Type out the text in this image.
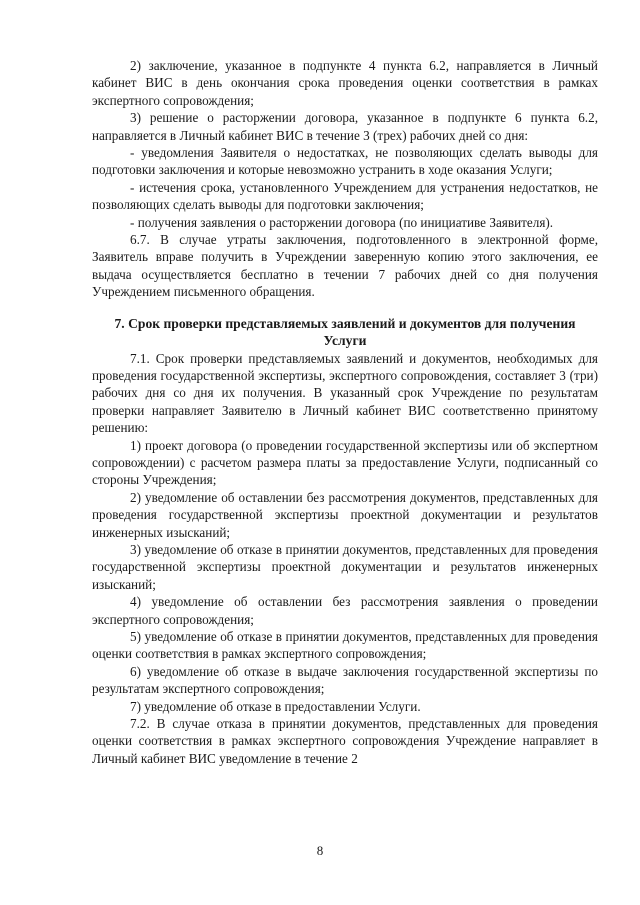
2) заключение, указанное в подпункте 4 пункта 6.2, направляется в Личный кабинет ВИС в день окончания срока проведения оценки соответствия в рамках экспертного сопровождения;

3) решение о расторжении договора, указанное в подпункте 6 пункта 6.2, направляется в Личный кабинет ВИС в течение 3 (трех) рабочих дней со дня:

- уведомления Заявителя о недостатках, не позволяющих сделать выводы для подготовки заключения и которые невозможно устранить в ходе оказания Услуги;

- истечения срока, установленного Учреждением для устранения недостатков, не позволяющих сделать выводы для подготовки заключения;

- получения заявления о расторжении договора (по инициативе Заявителя).

6.7. В случае утраты заключения, подготовленного в электронной форме, Заявитель вправе получить в Учреждении заверенную копию этого заключения, ее выдача осуществляется бесплатно в течении 7 рабочих дней со дня получения Учреждением письменного обращения.

7. Срок проверки представляемых заявлений и документов для получения Услуги

7.1. Срок проверки представляемых заявлений и документов, необходимых для проведения государственной экспертизы, экспертного сопровождения, составляет 3 (три) рабочих дня со дня их получения. В указанный срок Учреждение по результатам проверки направляет Заявителю в Личный кабинет ВИС соответственно принятому решению:

1) проект договора (о проведении государственной экспертизы или об экспертном сопровождении) с расчетом размера платы за предоставление Услуги, подписанный со стороны Учреждения;

2) уведомление об оставлении без рассмотрения документов, представленных для проведения государственной экспертизы проектной документации и результатов инженерных изысканий;

3) уведомление об отказе в принятии документов, представленных для проведения государственной экспертизы проектной документации и результатов инженерных изысканий;

4) уведомление об оставлении без рассмотрения заявления о проведении экспертного сопровождения;

5) уведомление об отказе в принятии документов, представленных для проведения оценки соответствия в рамках экспертного сопровождения;

6) уведомление об отказе в выдаче заключения государственной экспертизы по результатам экспертного сопровождения;

7) уведомление об отказе в предоставлении Услуги.

7.2. В случае отказа в принятии документов, представленных для проведения оценки соответствия в рамках экспертного сопровождения Учреждение направляет в Личный кабинет ВИС уведомление в течение 2

8
